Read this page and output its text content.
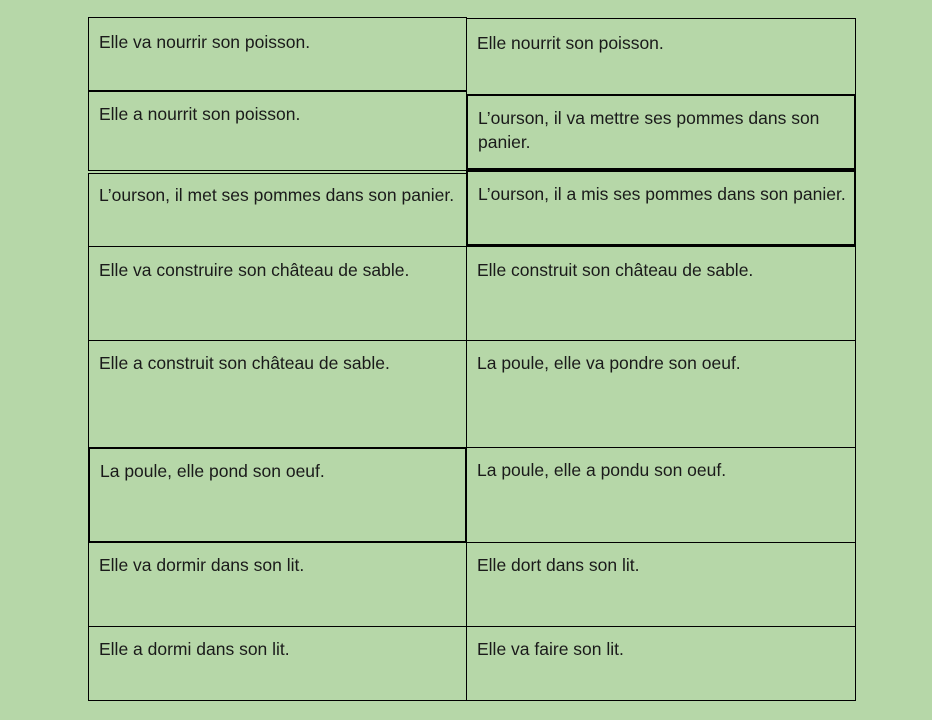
Elle va nourrir son poisson.	Elle nourrit son poisson.
Elle a nourrit son poisson.	L’ourson, il va mettre ses pommes dans son panier.
L’ourson, il met ses pommes dans son panier. L’ourson, il a mis ses pommes dans son panier.
Elle va construire son château de sable.	Elle construit son château de sable.
Elle a construit son château de sable.	La poule, elle va pondre son oeuf.
La poule, elle pond son oeuf.	La poule, elle a pondu son oeuf.
Elle va dormir dans son lit.	Elle dort dans son lit.
Elle a dormi dans son lit.	Elle va faire son lit.
